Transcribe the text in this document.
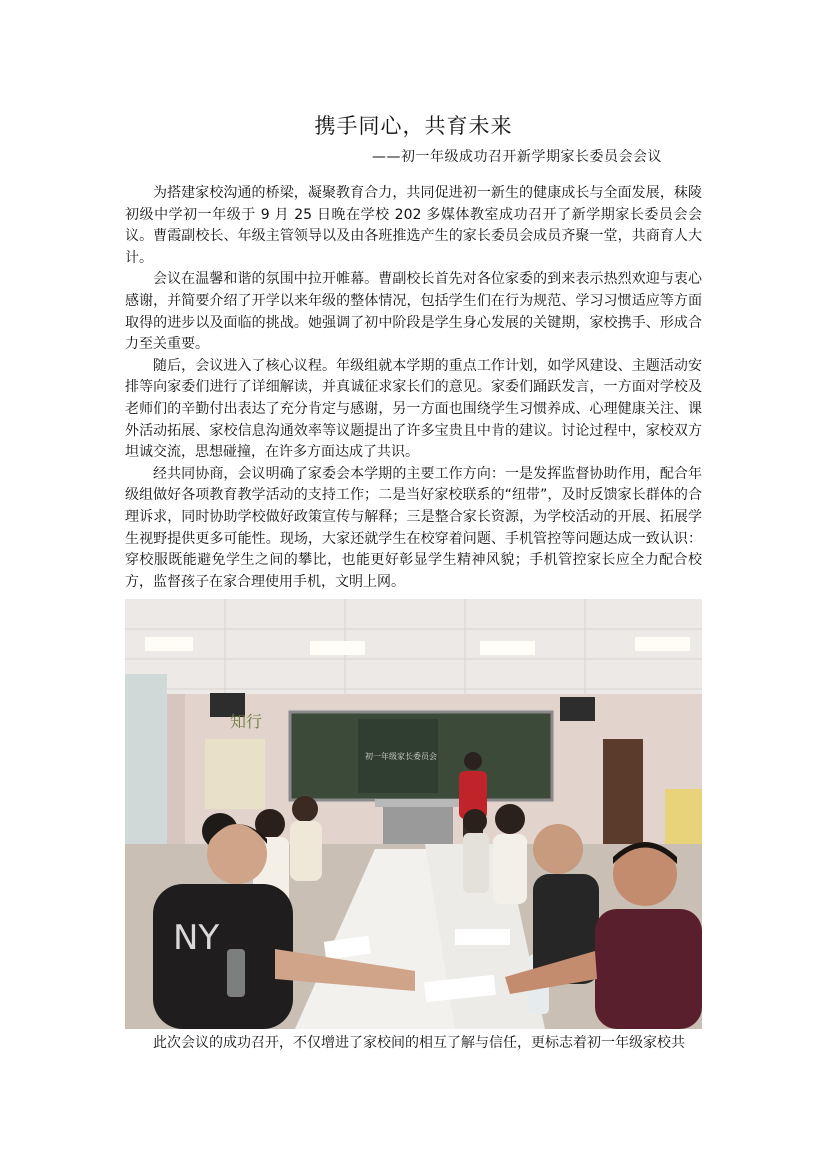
携手同心，共育未来
——初一年级成功召开新学期家长委员会会议

为搭建家校沟通的桥梁，凝聚教育合力，共同促进初一新生的健康成长与全面发展，秣陵初级中学初一年级于 9 月 25 日晚在学校 202 多媒体教室成功召开了新学期家长委员会会议。曹霞副校长、年级主管领导以及由各班推选产生的家长委员会成员齐聚一堂，共商育人大计。

会议在温馨和谐的氛围中拉开帷幕。曹副校长首先对各位家委的到来表示热烈欢迎与衷心感谢，并简要介绍了开学以来年级的整体情况，包括学生们在行为规范、学习习惯适应等方面取得的进步以及面临的挑战。她强调了初中阶段是学生身心发展的关键期，家校携手、形成合力至关重要。

随后，会议进入了核心议程。年级组就本学期的重点工作计划，如学风建设、主题活动安排等向家委们进行了详细解读，并真诚征求家长们的意见。家委们踊跃发言，一方面对学校及老师们的辛勤付出表达了充分肯定与感谢，另一方面也围绕学生习惯养成、心理健康关注、课外活动拓展、家校信息沟通效率等议题提出了许多宝贵且中肯的建议。讨论过程中，家校双方坦诚交流，思想碰撞，在许多方面达成了共识。

经共同协商，会议明确了家委会本学期的主要工作方向：一是发挥监督协助作用，配合年级组做好各项教育教学活动的支持工作；二是当好家校联系的“纽带”，及时反馈家长群体的合理诉求，同时协助学校做好政策宣传与解释；三是整合家长资源，为学校活动的开展、拓展学生视野提供更多可能性。现场，大家还就学生在校穿着问题、手机管控等问题达成一致认识：穿校服既能避免学生之间的攀比，也能更好彰显学生精神风貌；手机管控家长应全力配合校方，监督孩子在家合理使用手机，文明上网。

知行
初一年级家长委员会
NY
此次会议的成功召开，不仅增进了家校间的相互了解与信任，更标志着初一年级家校共
